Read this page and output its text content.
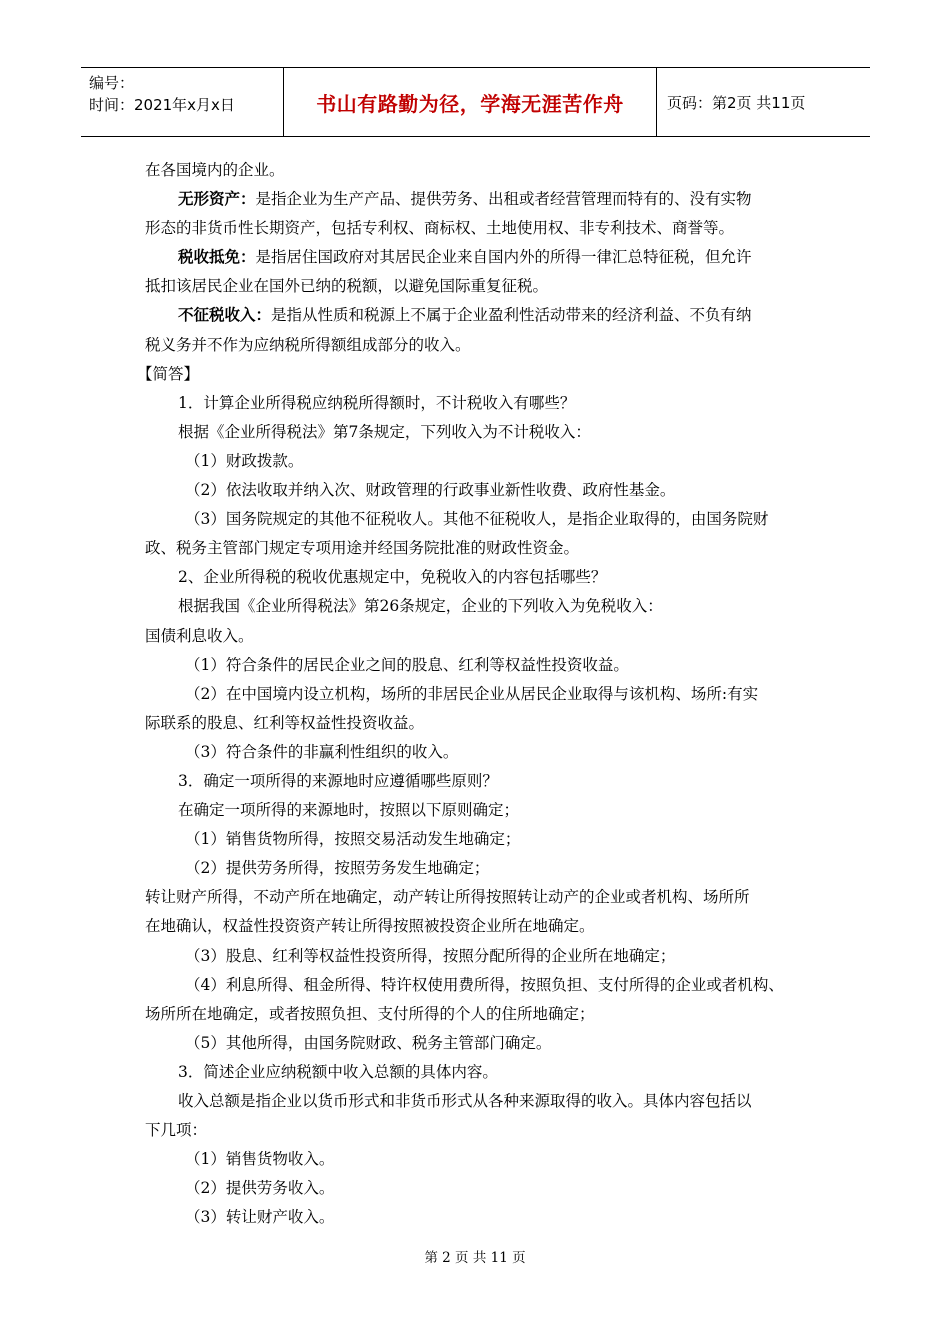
编号：
时间：2021年x月x日	书山有路勤为径，学海无涯苦作舟	页码：第2页 共11页
在各国境内的企业。
无形资产：是指企业为生产产品、提供劳务、出租或者经营管理而特有的、没有实物
形态的非货币性长期资产，包括专利权、商标权、土地使用权、非专利技术、商誉等。
税收抵免：是指居住国政府对其居民企业来自国内外的所得一律汇总特征税，但允许
抵扣该居民企业在国外已纳的税额，以避免国际重复征税。
不征税收入：是指从性质和税源上不属于企业盈利性活动带来的经济利益、不负有纳
税义务并不作为应纳税所得额组成部分的收入。
【简答】
1．计算企业所得税应纳税所得额时，不计税收入有哪些？
根据《企业所得税法》第7条规定，下列收入为不计税收入：
（1）财政拨款。
（2）依法收取并纳入次、财政管理的行政事业新性收费、政府性基金。
（3）国务院规定的其他不征税收人。其他不征税收人，是指企业取得的，由国务院财
政、税务主管部门规定专项用途并经国务院批准的财政性资金。
2、企业所得税的税收优惠规定中，免税收入的内容包括哪些？
根据我国《企业所得税法》第26条规定，企业的下列收入为免税收入：
国债利息收入。
（1）符合条件的居民企业之间的股息、红利等权益性投资收益。
（2）在中国境内设立机构，场所的非居民企业从居民企业取得与该机构、场所:有实
际联系的股息、红利等权益性投资收益。
（3）符合条件的非赢利性组织的收入。
3．确定一项所得的来源地时应遵循哪些原则？
在确定一项所得的来源地时，按照以下原则确定；
（1）销售货物所得，按照交易活动发生地确定；
（2）提供劳务所得，按照劳务发生地确定；
转让财产所得，不动产所在地确定，动产转让所得按照转让动产的企业或者机构、场所所
在地确认，权益性投资资产转让所得按照被投资企业所在地确定。
（3）股息、红利等权益性投资所得，按照分配所得的企业所在地确定；
（4）利息所得、租金所得、特许权使用费所得，按照负担、支付所得的企业或者机构、
场所所在地确定，或者按照负担、支付所得的个人的住所地确定；
（5）其他所得，由国务院财政、税务主管部门确定。
3．简述企业应纳税额中收入总额的具体内容。
收入总额是指企业以货币形式和非货币形式从各种来源取得的收入。具体内容包括以
下几项：
（1）销售货物收入。
（2）提供劳务收入。
（3）转让财产收入。
第 2 页 共 11 页
